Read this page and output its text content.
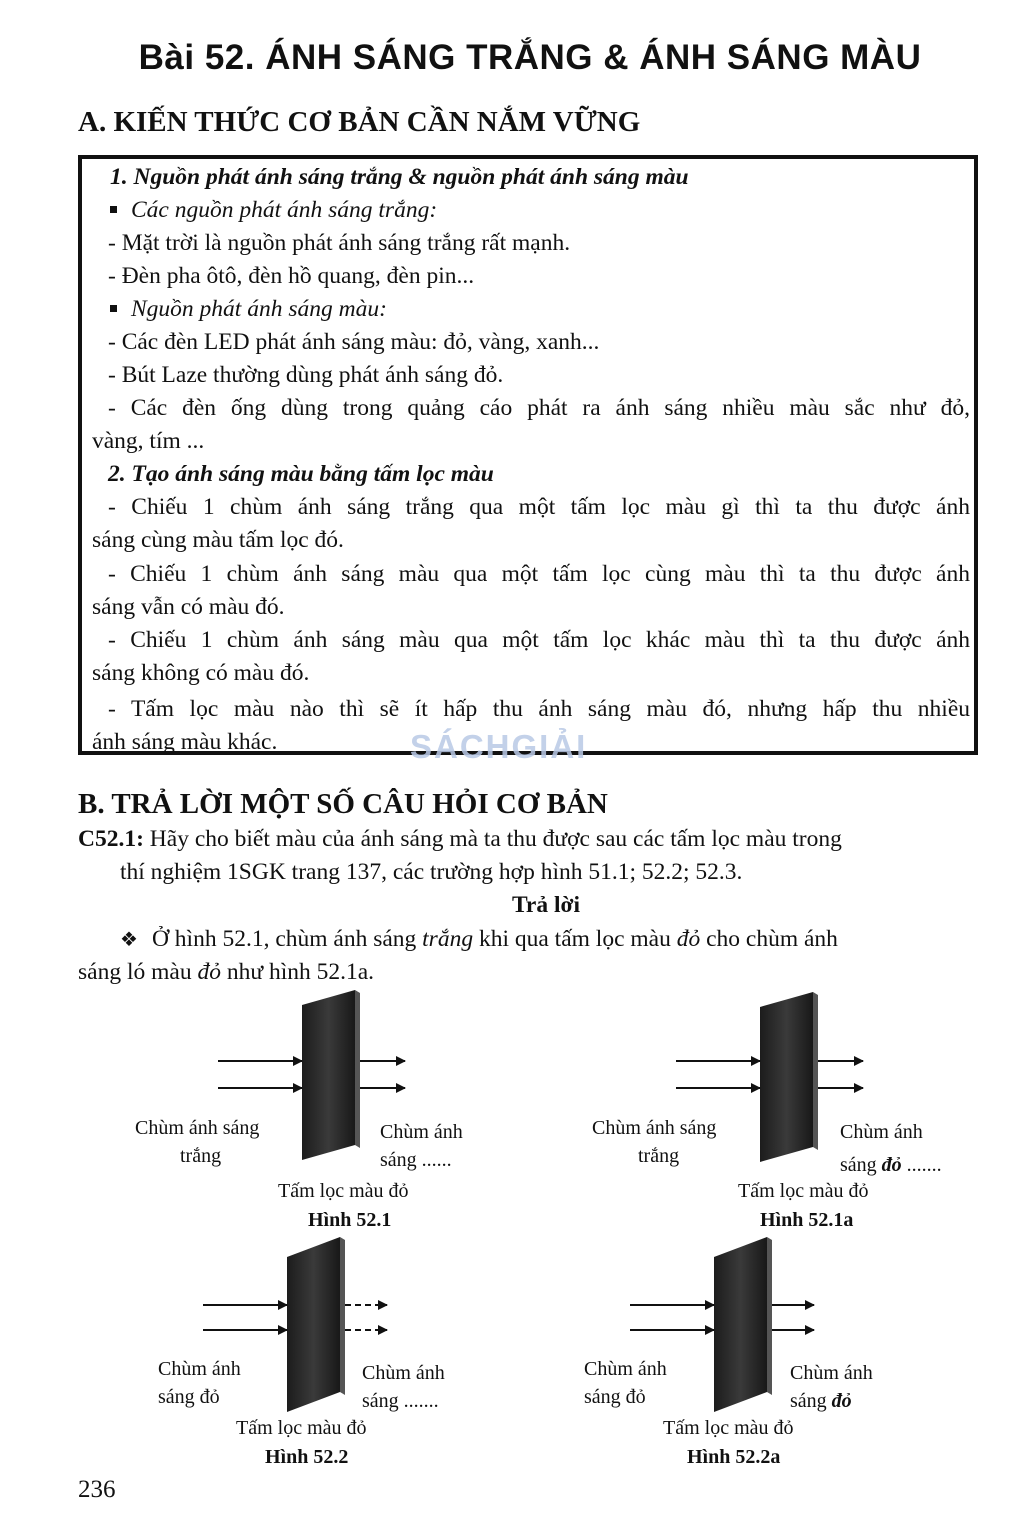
Bài 52. ÁNH SÁNG TRẮNG & ÁNH SÁNG MÀU
A. KIẾN THỨC CƠ BẢN CẦN NẮM VỮNG
1. Nguồn phát ánh sáng trắng & nguồn phát ánh sáng màu
Các nguồn phát ánh sáng trắng:
- Mặt trời là nguồn phát ánh sáng trắng rất mạnh.
- Đèn pha ôtô, đèn hồ quang, đèn pin...
Nguồn phát ánh sáng màu:
- Các đèn LED phát ánh sáng màu: đỏ, vàng, xanh...
- Bút Laze thường dùng phát ánh sáng đỏ.
- Các đèn ống dùng trong quảng cáo phát ra ánh sáng nhiều màu sắc như đỏ,
vàng, tím ...
2. Tạo ánh sáng màu bằng tấm lọc màu
- Chiếu 1 chùm ánh sáng trắng qua một tấm lọc màu gì thì ta thu được ánh
sáng cùng màu tấm lọc đó.
- Chiếu 1 chùm ánh sáng màu qua một tấm lọc cùng màu thì ta thu được ánh
sáng vẫn có màu đó.
- Chiếu 1 chùm ánh sáng màu qua một tấm lọc khác màu thì ta thu được ánh
sáng không có màu đó.
- Tấm lọc màu nào thì sẽ ít hấp thu ánh sáng màu đó, nhưng hấp thu nhiều
ánh sáng màu khác.	SÁCHGIẢI
B. TRẢ LỜI MỘT SỐ CÂU HỎI CƠ BẢN
C52.1: Hãy cho biết màu của ánh sáng mà ta thu được sau các tấm lọc màu trong
thí nghiệm 1SGK trang 137, các trường hợp hình 51.1; 52.2; 52.3.
Trả lời
❖ Ở hình 52.1, chùm ánh sáng trắng khi qua tấm lọc màu đỏ cho chùm ánh
sáng ló màu đỏ như hình 52.1a.
Chùm ánh sáng
trắng
Chùm ánh
sáng ......
Tấm lọc màu đỏ
Hình 52.1
Chùm ánh sáng
trắng
Chùm ánh
sáng đỏ .......
Tấm lọc màu đỏ
Hình 52.1a
Chùm ánh
sáng đỏ
Chùm ánh
sáng .......
Tấm lọc màu đỏ
Hình 52.2
Chùm ánh
sáng đỏ
Chùm ánh
sáng đỏ
Tấm lọc màu đỏ
Hình 52.2a
236
